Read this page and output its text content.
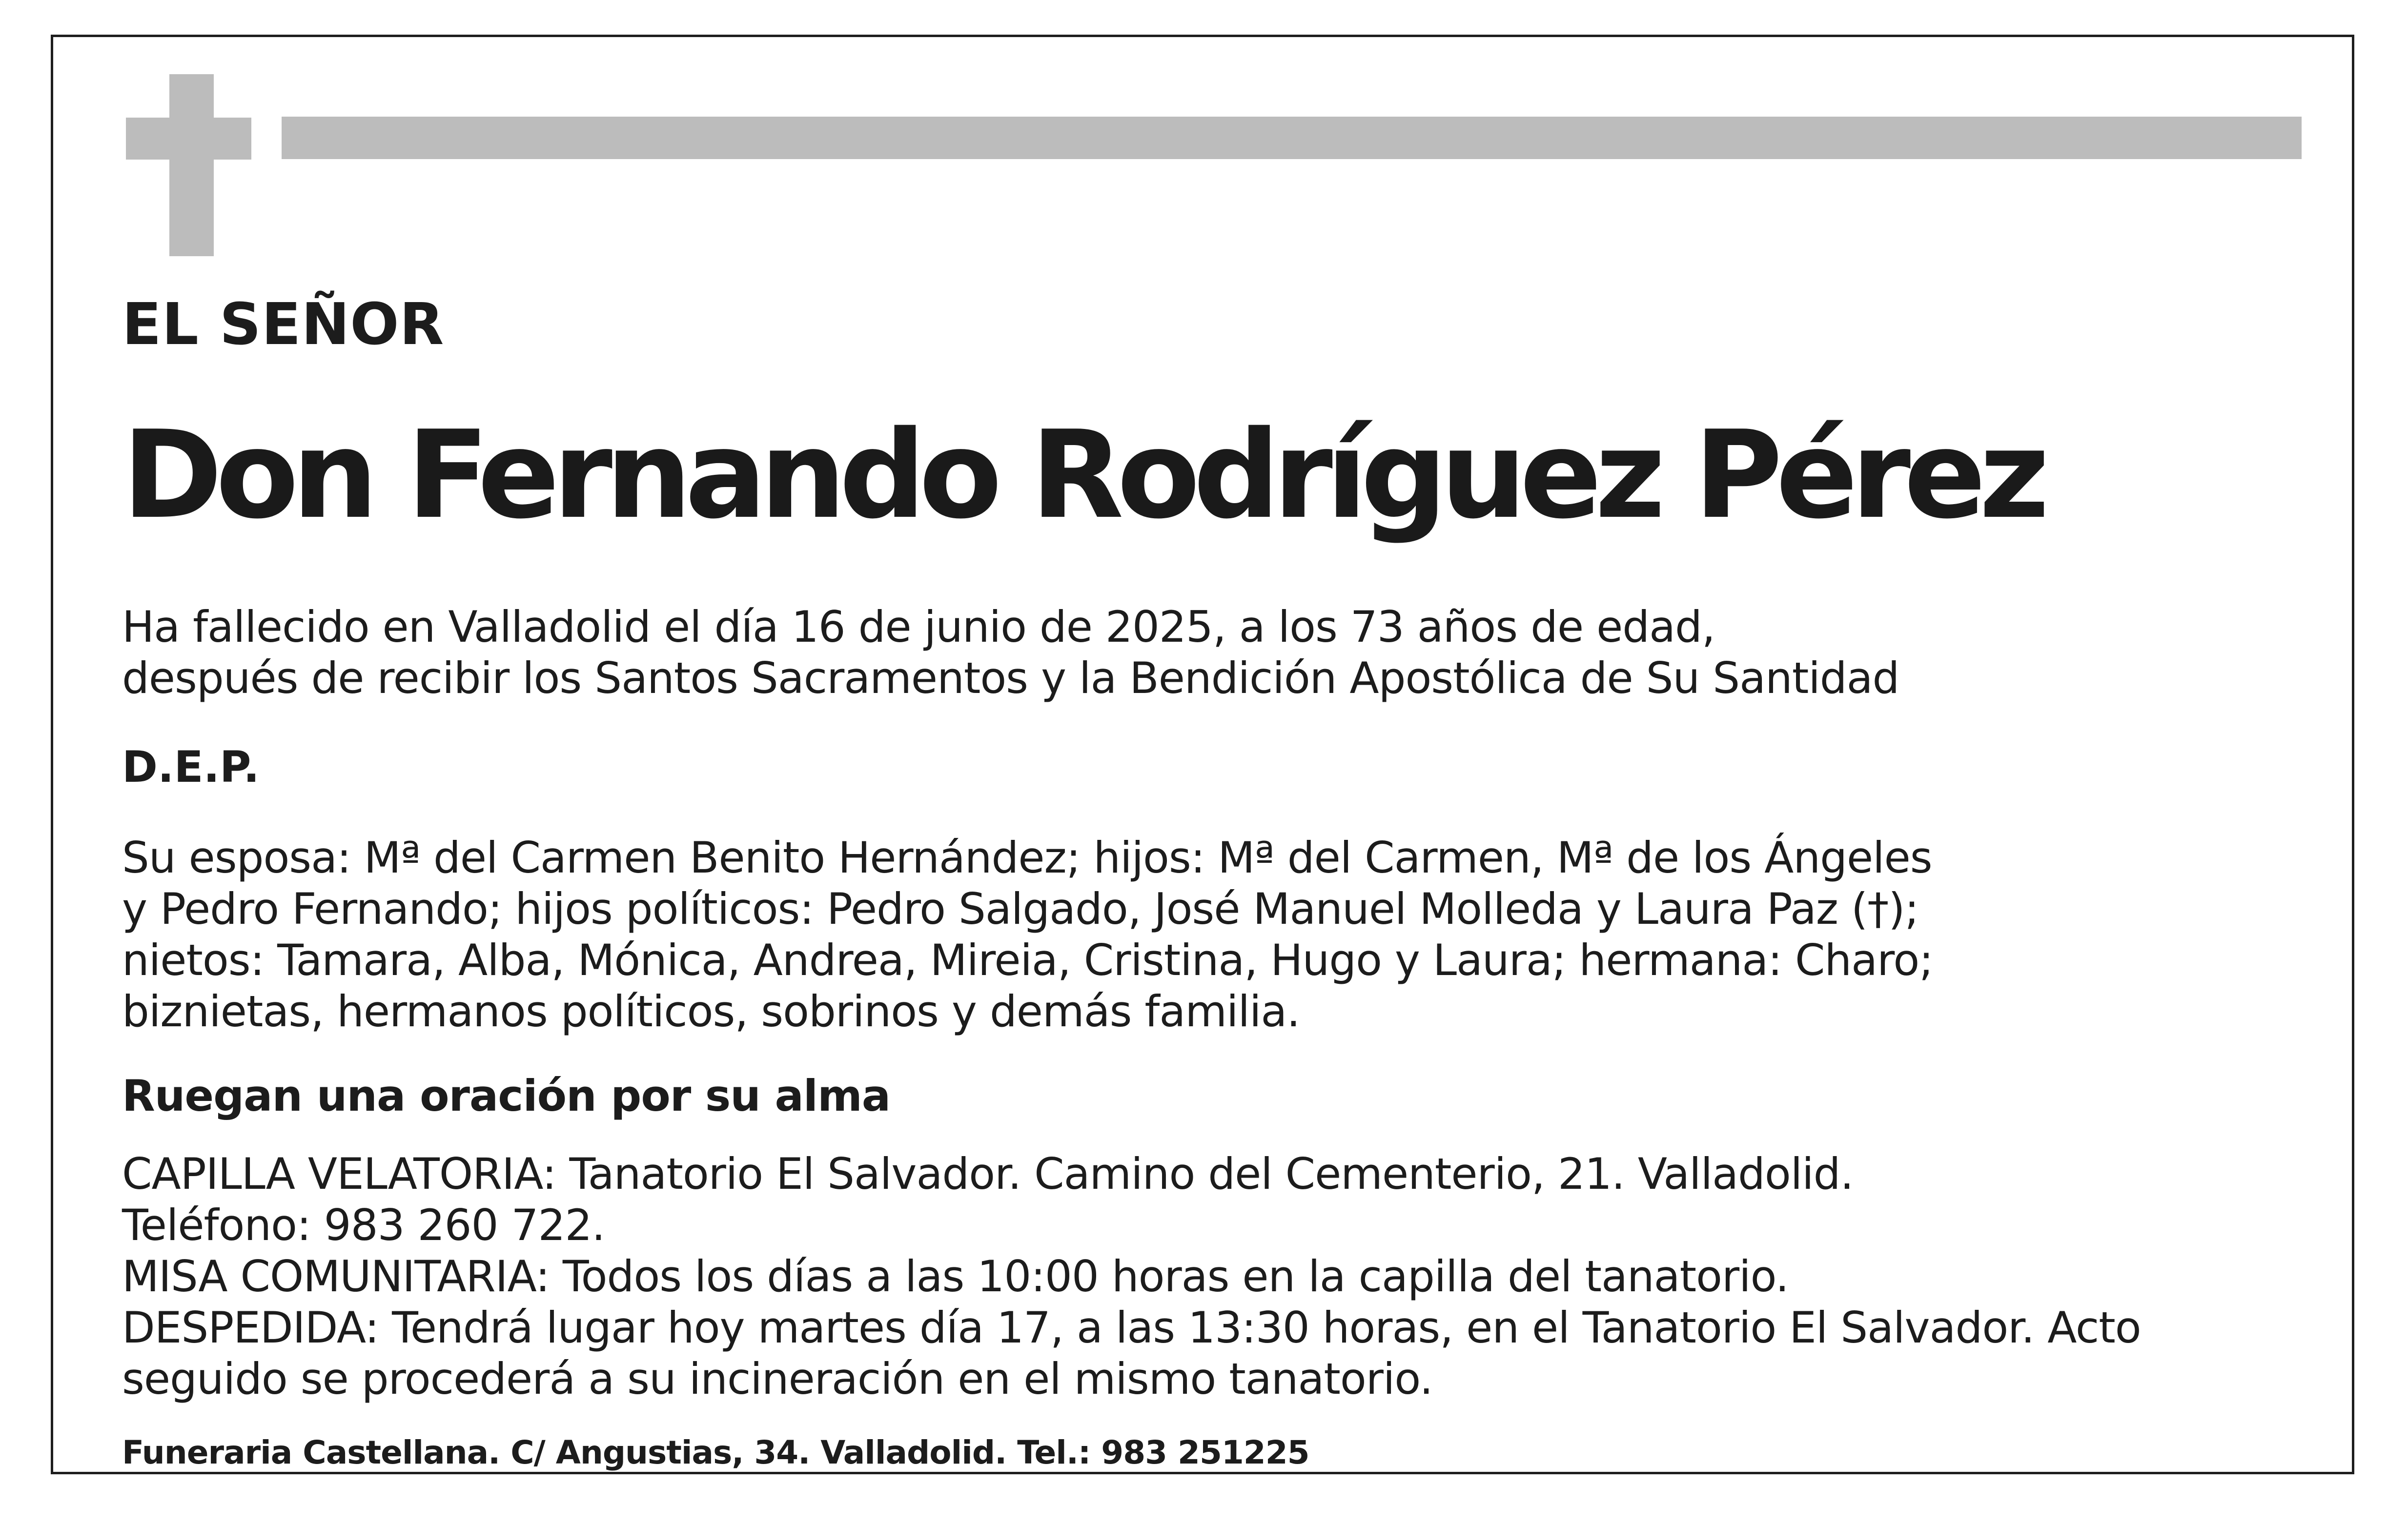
EL SEÑOR

Don Fernando Rodríguez Pérez

Ha fallecido en Valladolid el día 16 de junio de 2025, a los 73 años de edad,
después de recibir los Santos Sacramentos y la Bendición Apostólica de Su Santidad

D.E.P.

Su esposa: Mª del Carmen Benito Hernández; hijos: Mª del Carmen, Mª de los Ángeles
y Pedro Fernando; hijos políticos: Pedro Salgado, José Manuel Molleda y Laura Paz (†);
nietos: Tamara, Alba, Mónica, Andrea, Mireia, Cristina, Hugo y Laura; hermana: Charo;
biznietas, hermanos políticos, sobrinos y demás familia.

Ruegan una oración por su alma

CAPILLA VELATORIA: Tanatorio El Salvador. Camino del Cementerio, 21. Valladolid.
Teléfono: 983 260 722.
MISA COMUNITARIA: Todos los días a las 10:00 horas en la capilla del tanatorio.
DESPEDIDA: Tendrá lugar hoy martes día 17, a las 13:30 horas, en el Tanatorio El Salvador. Acto
seguido se procederá a su incineración en el mismo tanatorio.

Funeraria Castellana. C/ Angustias, 34. Valladolid. Tel.: 983 251225
